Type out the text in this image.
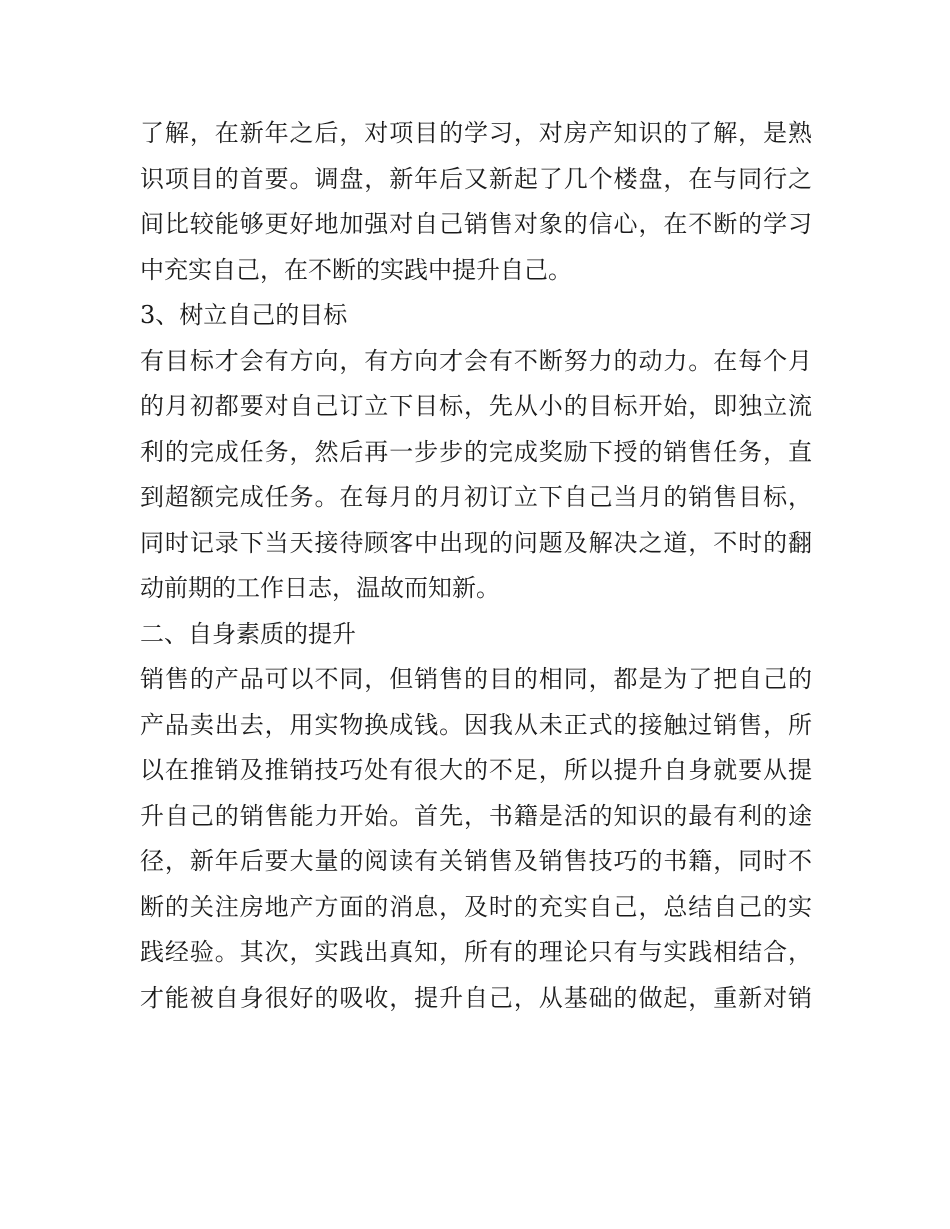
了解，在新年之后，对项目的学习，对房产知识的了解，是熟
识项目的首要。调盘，新年后又新起了几个楼盘，在与同行之
间比较能够更好地加强对自己销售对象的信心，在不断的学习
中充实自己，在不断的实践中提升自己。
3、树立自己的目标
有目标才会有方向，有方向才会有不断努力的动力。在每个月
的月初都要对自己订立下目标，先从小的目标开始，即独立流
利的完成任务，然后再一步步的完成奖励下授的销售任务，直
到超额完成任务。在每月的月初订立下自己当月的销售目标，
同时记录下当天接待顾客中出现的问题及解决之道，不时的翻
动前期的工作日志，温故而知新。
二、自身素质的提升
销售的产品可以不同，但销售的目的相同，都是为了把自己的
产品卖出去，用实物换成钱。因我从未正式的接触过销售，所
以在推销及推销技巧处有很大的不足，所以提升自身就要从提
升自己的销售能力开始。首先，书籍是活的知识的最有利的途
径，新年后要大量的阅读有关销售及销售技巧的书籍，同时不
断的关注房地产方面的消息，及时的充实自己，总结自己的实
践经验。其次，实践出真知，所有的理论只有与实践相结合，
才能被自身很好的吸收，提升自己，从基础的做起，重新对销
